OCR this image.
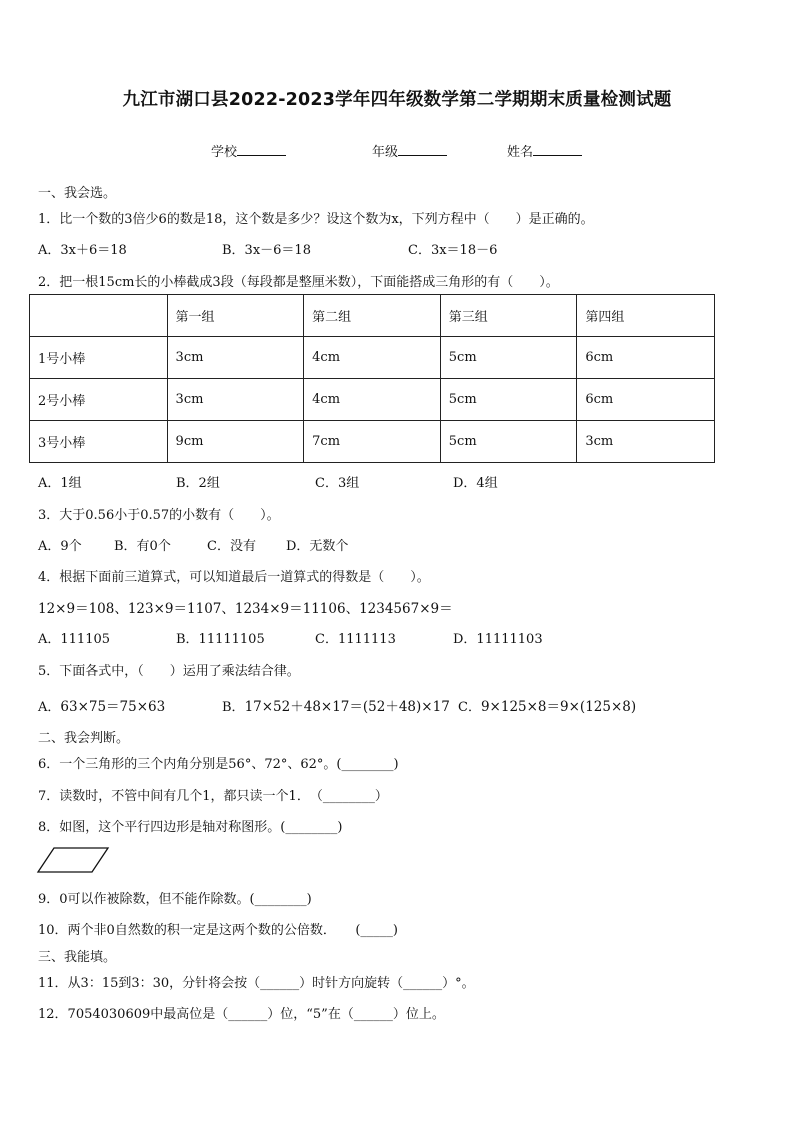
九江市湖口县2022-2023学年四年级数学第二学期期末质量检测试题
学校	年级	姓名
一、我会选。
1．比一个数的3倍少6的数是18，这个数是多少？设这个数为x，下列方程中（　　）是正确的。
A．3x＋6＝18	B．3x－6＝18	C．3x＝18－6
2．把一根15cm长的小棒截成3段（每段都是整厘米数），下面能搭成三角形的有（　　）。
	第一组	第二组	第三组	第四组
1号小棒	3cm	4cm	5cm	6cm
2号小棒	3cm	4cm	5cm	6cm
3号小棒	9cm	7cm	5cm	3cm
A．1组	B．2组	C．3组	D．4组
3．大于0.56小于0.57的小数有（　　）。
A．9个 B．有0个	C．没有 D．无数个
4．根据下面前三道算式，可以知道最后一道算式的得数是（　　）。
12×9＝108、123×9＝1107、1234×9＝11106、1234567×9＝
A．111105	B．11111105	C．1111113	D．11111103
5．下面各式中，（　　）运用了乘法结合律。
A．63×75＝75×63	B．17×52＋48×17＝(52＋48)×17 C．9×125×8＝9×(125×8)
二、我会判断。
6．一个三角形的三个内角分别是56°、72°、62°。(________)
7．读数时，不管中间有几个1，都只读一个1．　（________）
8．如图，这个平行四边形是轴对称图形。(________)
9．0可以作被除数，但不能作除数。(________)
10．两个非0自然数的积一定是这两个数的公倍数．　　(_____)
三、我能填。
11．从3：15到3：30，分针将会按（______）时针方向旋转（______）°。
12．7054030609中最高位是（______）位，“5”在（______）位上。
